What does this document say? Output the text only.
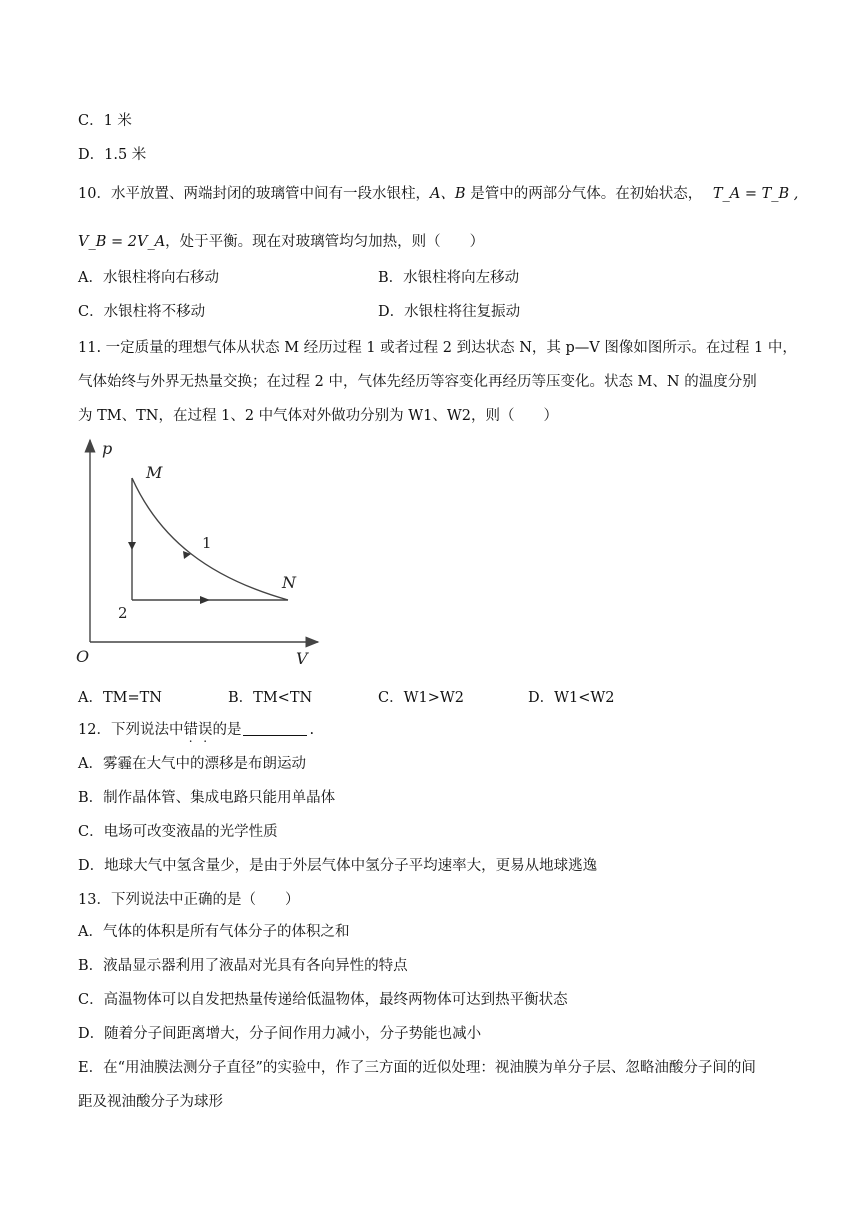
C．1 米
D．1.5 米
10．水平放置、两端封闭的玻璃管中间有一段水银柱，A、B 是管中的两部分气体。在初始状态， T_A = T_B ,
V_B = 2V_A，处于平衡。现在对玻璃管均匀加热，则（　　）
A．水银柱将向右移动	B．水银柱将向左移动
C．水银柱将不移动	D．水银柱将往复振动
11. 一定质量的理想气体从状态 M 经历过程 1 或者过程 2 到达状态 N，其 p—V 图像如图所示。在过程 1 中，
气体始终与外界无热量交换；在过程 2 中，气体先经历等容变化再经历等压变化。状态 M、N 的温度分别
为 TM、TN，在过程 1、2 中气体对外做功分别为 W1、W2，则（　　）
p
V
O
M
N
1
2
A．TM=TN	B．TM<TN	C．W1>W2	D．W1<W2
12．下列说法中错误的是	.
A．雾霾在大气中的漂移是布朗运动
B．制作晶体管、集成电路只能用单晶体
C．电场可改变液晶的光学性质
D．地球大气中氢含量少，是由于外层气体中氢分子平均速率大，更易从地球逃逸
13．下列说法中正确的是（　　）
A．气体的体积是所有气体分子的体积之和
B．液晶显示器利用了液晶对光具有各向异性的特点
C．高温物体可以自发把热量传递给低温物体，最终两物体可达到热平衡状态
D．随着分子间距离增大，分子间作用力减小，分子势能也减小
E．在“用油膜法测分子直径”的实验中，作了三方面的近似处理：视油膜为单分子层、忽略油酸分子间的间
距及视油酸分子为球形
